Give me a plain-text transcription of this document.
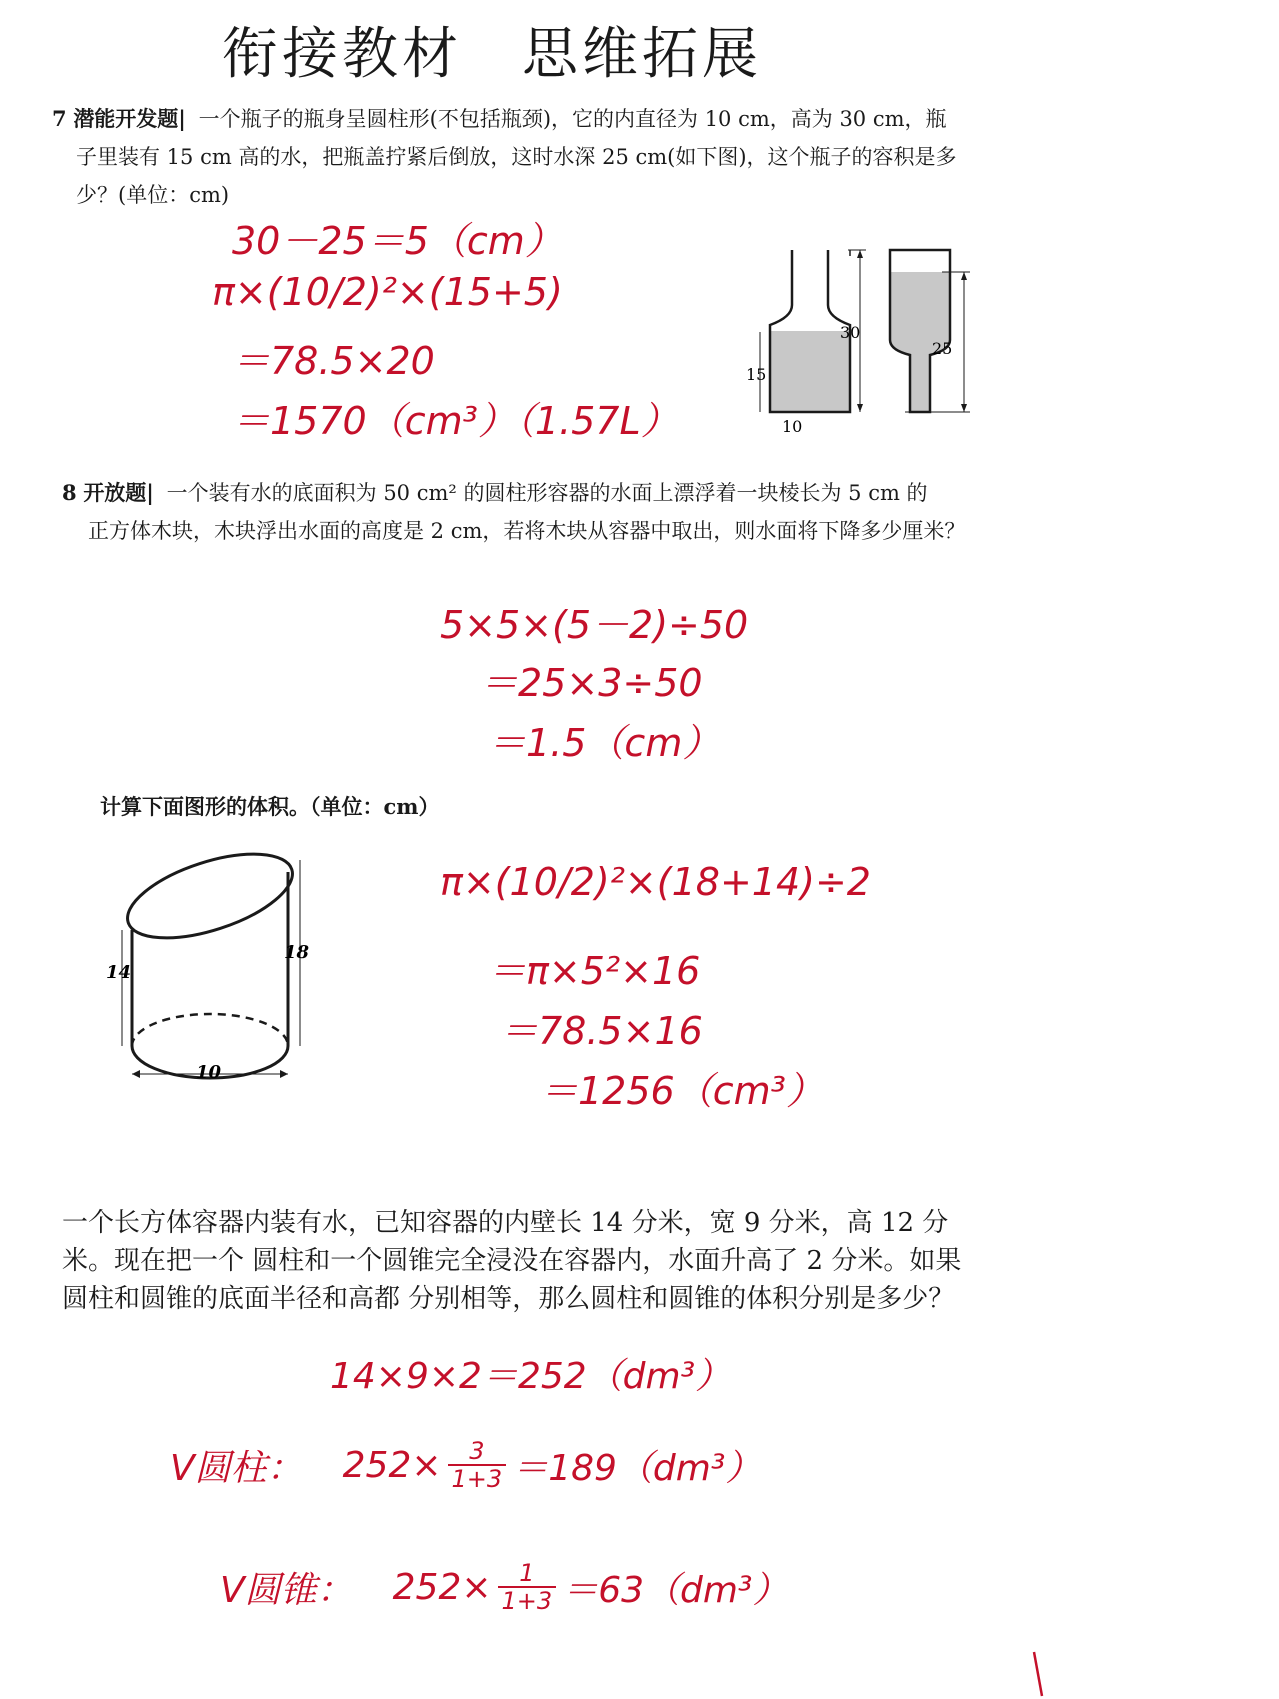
衔接教材　思维拓展
7 潜能开发题| 一个瓶子的瓶身呈圆柱形(不包括瓶颈)，它的内直径为 10 cm，高为 30 cm，瓶
子里装有 15 cm 高的水，把瓶盖拧紧后倒放，这时水深 25 cm(如下图)，这个瓶子的容积是多
少？(单位：cm)
30－25＝5（cm）
π×(10/2)²×(15+5)
＝78.5×20
＝1570（cm³）（1.57L）
30
15
10
25
8 开放题| 一个装有水的底面积为 50 cm² 的圆柱形容器的水面上漂浮着一块棱长为 5 cm 的
正方体木块，木块浮出水面的高度是 2 cm，若将木块从容器中取出，则水面将下降多少厘米？
5×5×(5－2)÷50
＝25×3÷50
＝1.5（cm）
计算下面图形的体积。（单位：cm）
14
18
10
π×(10/2)²×(18+14)÷2
＝π×5²×16
＝78.5×16
＝1256（cm³）
一个长方体容器内装有水，已知容器的内壁长 14 分米，宽 9 分米，高 12 分
米。现在把一个 圆柱和一个圆锥完全浸没在容器内，水面升高了 2 分米。如果
圆柱和圆锥的底面半径和高都 分别相等，那么圆柱和圆锥的体积分别是多少？
14×9×2＝252（dm³）
V圆柱： $252\times \frac{3}{1+3} =189(dm^3)$
V圆锥： $252\times \frac{1}{1+3} =63(dm^3)$
